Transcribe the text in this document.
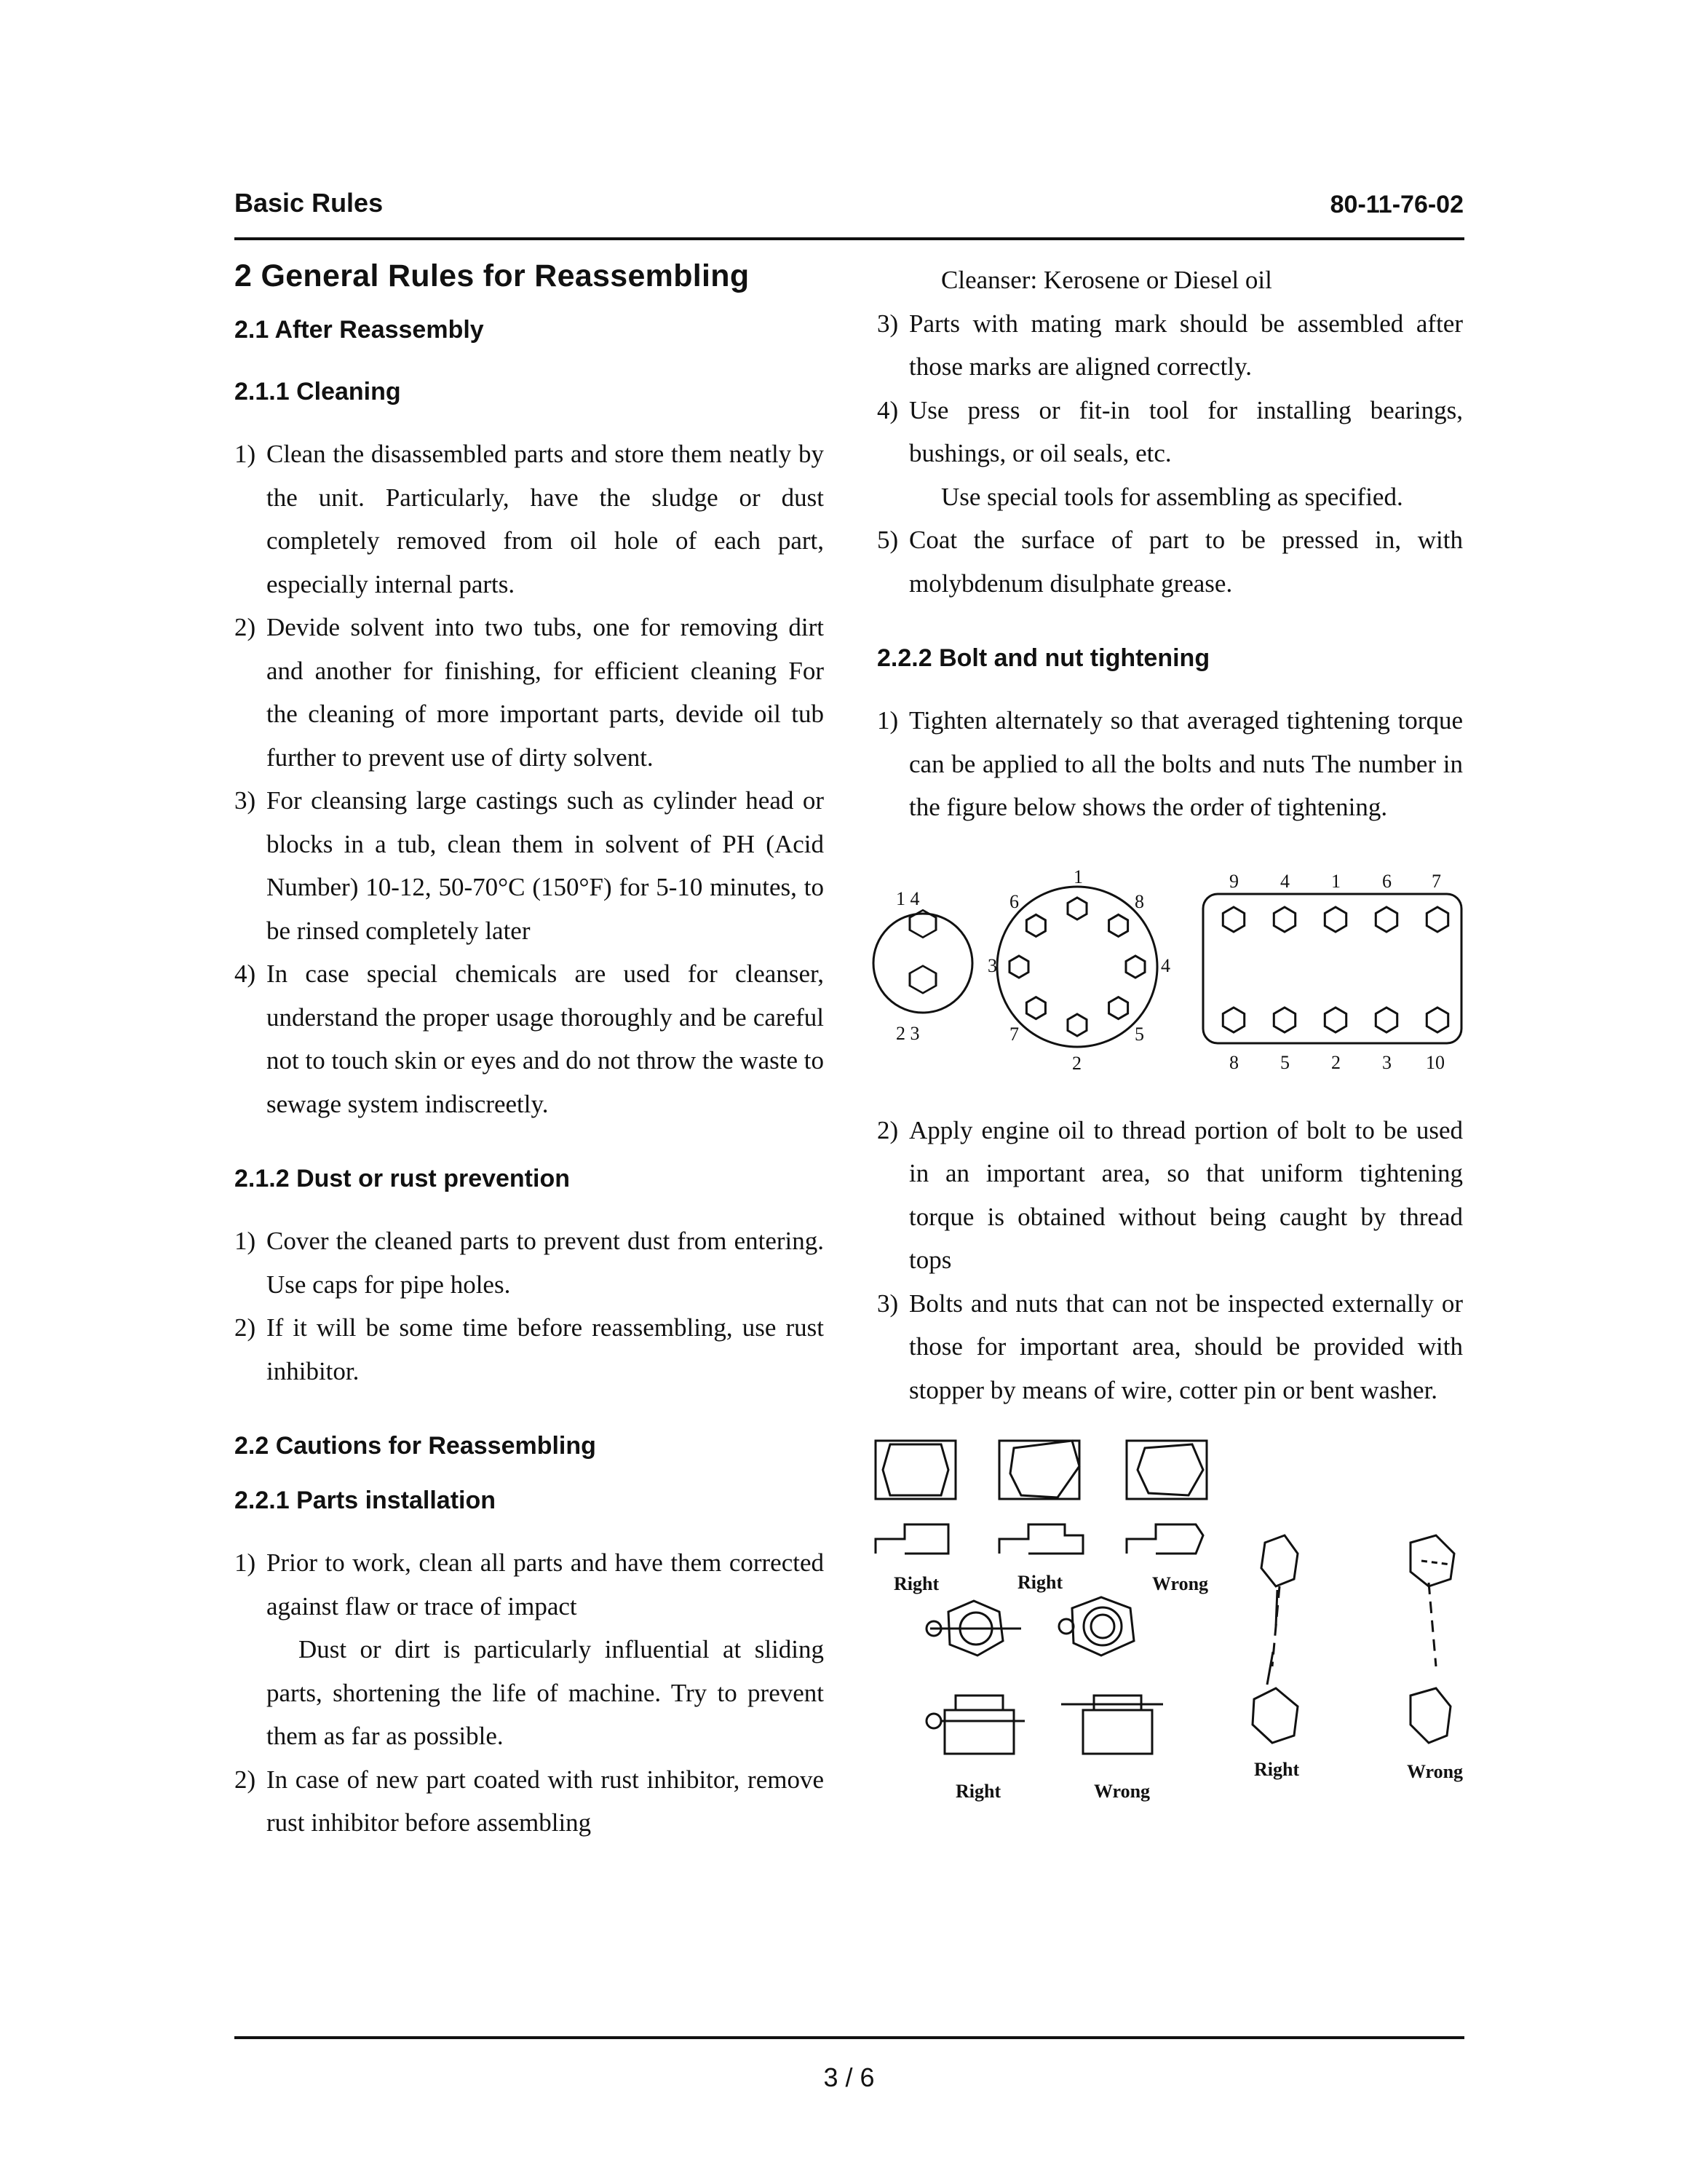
Basic Rules	80-11-76-02
2 General Rules for Reassembling
2.1 After Reassembly
2.1.1 Cleaning
1) Clean the disassembled parts and store them neatly by the unit. Particularly, have the sludge or dust completely removed from oil hole of each part, especially internal parts.
2) Devide solvent into two tubs, one for removing dirt and another for finishing, for efficient cleaning For the cleaning of more important parts, devide oil tub further to prevent use of dirty solvent.
3) For cleansing large castings such as cylinder head or blocks in a tub, clean them in solvent of PH (Acid Number) 10-12, 50-70°C (150°F) for 5-10 minutes, to be rinsed completely later
4) In case special chemicals are used for cleanser, understand the proper usage thoroughly and be careful not to touch skin or eyes and do not throw the waste to sewage system indiscreetly.
2.1.2 Dust or rust prevention
1) Cover the cleaned parts to prevent dust from entering. Use caps for pipe holes.
2) If it will be some time before reassembling, use rust inhibitor.
2.2 Cautions for Reassembling
2.2.1 Parts installation
1) Prior to work, clean all parts and have them corrected against flaw or trace of impact
Dust or dirt is particularly influential at sliding parts, shortening the life of machine. Try to prevent them as far as possible.
2) In case of new part coated with rust inhibitor, remove rust inhibitor before assembling
Cleanser: Kerosene or Diesel oil
3) Parts with mating mark should be assembled after those marks are aligned correctly.
4) Use press or fit-in tool for installing bearings, bushings, or oil seals, etc.
Use special tools for assembling as specified.
5) Coat the surface of part to be pressed in, with molybdenum disulphate grease.
2.2.2 Bolt and nut tightening
1) Tighten alternately so that averaged tightening torque can be applied to all the bolts and nuts The number in the figure below shows the order of tightening.
1 4
2 3
1
2
3	4
5
6
7
8
9 4 1 6 7
8 5 2 3 10
2) Apply engine oil to thread portion of bolt to be used in an important area, so that uniform tightening torque is obtained without being caught by thread tops
3) Bolts and nuts that can not be inspected externally or those for important area, should be provided with stopper by means of wire, cotter pin or bent washer.
Right	Right	Wrong
Right	Wrong
Right	Wrong
3 / 6
